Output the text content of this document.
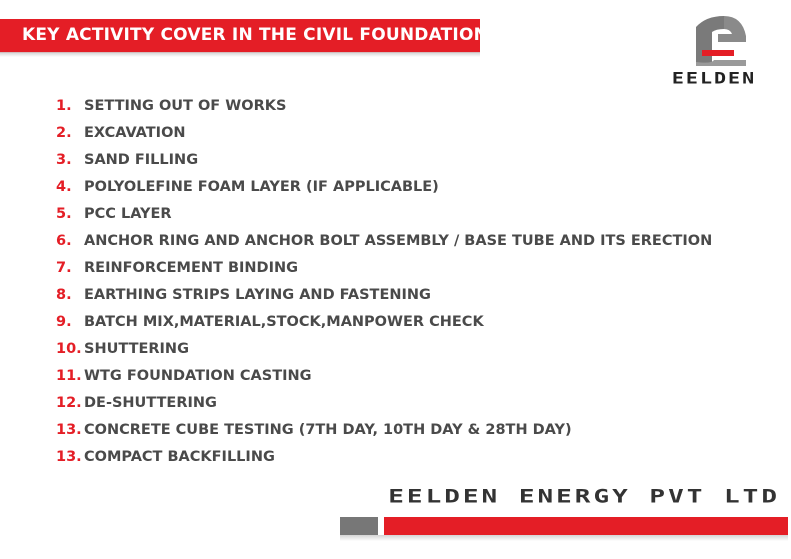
KEY ACTIVITY COVER IN THE CIVIL FOUNDATION
EELDEN
1. SETTING OUT OF WORKS
2. EXCAVATION
3. SAND FILLING
4. POLYOLEFINE FOAM LAYER (IF APPLICABLE)
5. PCC LAYER
6. ANCHOR RING AND ANCHOR BOLT ASSEMBLY / BASE TUBE AND ITS ERECTION
7. REINFORCEMENT BINDING
8. EARTHING STRIPS LAYING AND FASTENING
9. BATCH MIX,MATERIAL,STOCK,MANPOWER CHECK
10. SHUTTERING
11. WTG FOUNDATION CASTING
12. DE-SHUTTERING
13. CONCRETE CUBE TESTING (7TH DAY, 10TH DAY & 28TH DAY)
13. COMPACT BACKFILLING
EELDEN ENERGY PVT LTD
